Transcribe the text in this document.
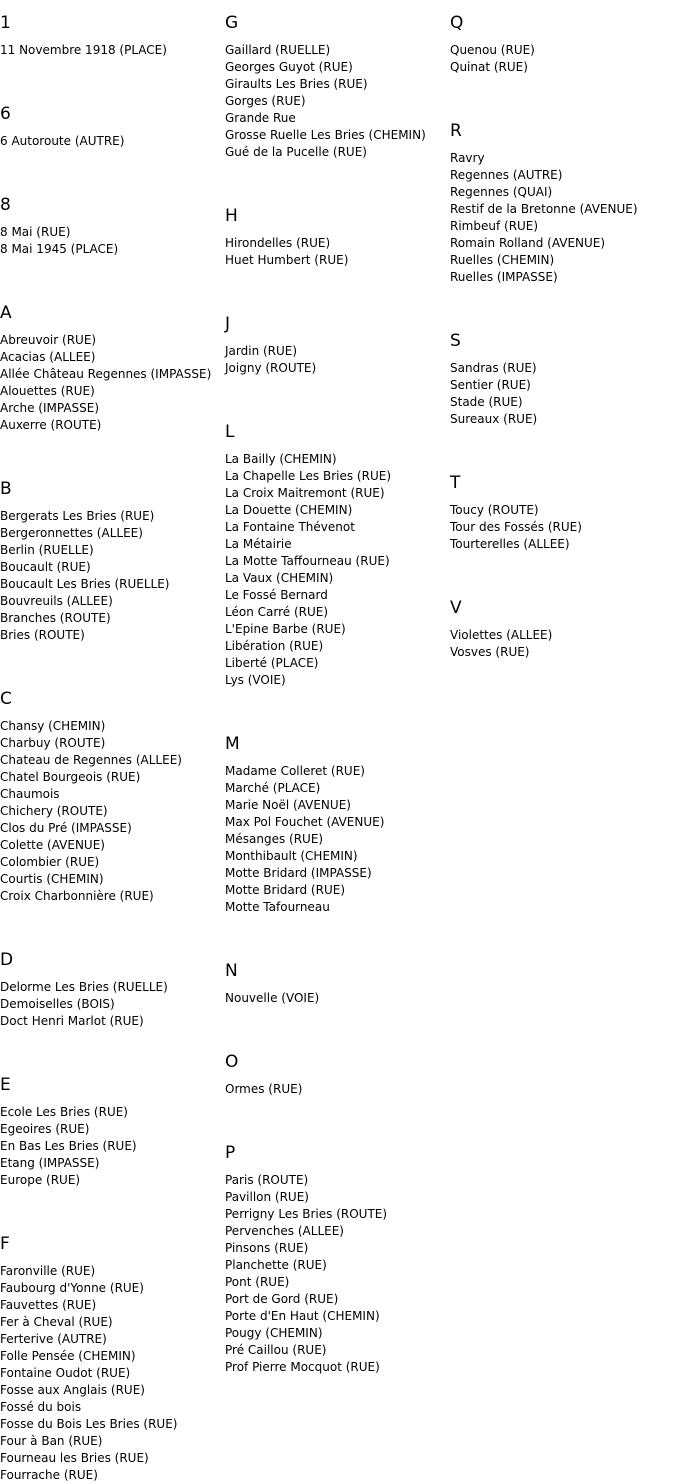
1
11 Novembre 1918 (PLACE)
6
6 Autoroute (AUTRE)
8
8 Mai (RUE)
8 Mai 1945 (PLACE)
A
Abreuvoir (RUE)
Acacias (ALLEE)
Allée Château Regennes (IMPASSE)
Alouettes (RUE)
Arche (IMPASSE)
Auxerre (ROUTE)
B
Bergerats Les Bries (RUE)
Bergeronnettes (ALLEE)
Berlin (RUELLE)
Boucault (RUE)
Boucault Les Bries (RUELLE)
Bouvreuils (ALLEE)
Branches (ROUTE)
Bries (ROUTE)
C
Chansy (CHEMIN)
Charbuy (ROUTE)
Chateau de Regennes (ALLEE)
Chatel Bourgeois (RUE)
Chaumois
Chichery (ROUTE)
Clos du Pré (IMPASSE)
Colette (AVENUE)
Colombier (RUE)
Courtis (CHEMIN)
Croix Charbonnière (RUE)
D
Delorme Les Bries (RUELLE)
Demoiselles (BOIS)
Doct Henri Marlot (RUE)
E
Ecole Les Bries (RUE)
Egeoires (RUE)
En Bas Les Bries (RUE)
Etang (IMPASSE)
Europe (RUE)
F
Faronville (RUE)
Faubourg d'Yonne (RUE)
Fauvettes (RUE)
Fer à Cheval (RUE)
Ferterive (AUTRE)
Folle Pensée (CHEMIN)
Fontaine Oudot (RUE)
Fosse aux Anglais (RUE)
Fossé du bois
Fosse du Bois Les Bries (RUE)
Four à Ban (RUE)
Fourneau les Bries (RUE)
Fourrache (RUE)
G
Gaillard (RUELLE)
Georges Guyot (RUE)
Giraults Les Bries (RUE)
Gorges (RUE)
Grande Rue
Grosse Ruelle Les Bries (CHEMIN)
Gué de la Pucelle (RUE)
H
Hirondelles (RUE)
Huet Humbert (RUE)
J
Jardin (RUE)
Joigny (ROUTE)
L
La Bailly (CHEMIN)
La Chapelle Les Bries (RUE)
La Croix Maitremont (RUE)
La Douette (CHEMIN)
La Fontaine Thévenot
La Métairie
La Motte Taffourneau (RUE)
La Vaux (CHEMIN)
Le Fossé Bernard
Léon Carré (RUE)
L'Epine Barbe (RUE)
Libération (RUE)
Liberté (PLACE)
Lys (VOIE)
M
Madame Colleret (RUE)
Marché (PLACE)
Marie Noël (AVENUE)
Max Pol Fouchet (AVENUE)
Mésanges (RUE)
Monthibault (CHEMIN)
Motte Bridard (IMPASSE)
Motte Bridard (RUE)
Motte Tafourneau
N
Nouvelle (VOIE)
O
Ormes (RUE)
P
Paris (ROUTE)
Pavillon (RUE)
Perrigny Les Bries (ROUTE)
Pervenches (ALLEE)
Pinsons (RUE)
Planchette (RUE)
Pont (RUE)
Port de Gord (RUE)
Porte d'En Haut (CHEMIN)
Pougy (CHEMIN)
Pré Caillou (RUE)
Prof Pierre Mocquot (RUE)
Q
Quenou (RUE)
Quinat (RUE)
R
Ravry
Regennes (AUTRE)
Regennes (QUAI)
Restif de la Bretonne (AVENUE)
Rimbeuf (RUE)
Romain Rolland (AVENUE)
Ruelles (CHEMIN)
Ruelles (IMPASSE)
S
Sandras (RUE)
Sentier (RUE)
Stade (RUE)
Sureaux (RUE)
T
Toucy (ROUTE)
Tour des Fossés (RUE)
Tourterelles (ALLEE)
V
Violettes (ALLEE)
Vosves (RUE)
